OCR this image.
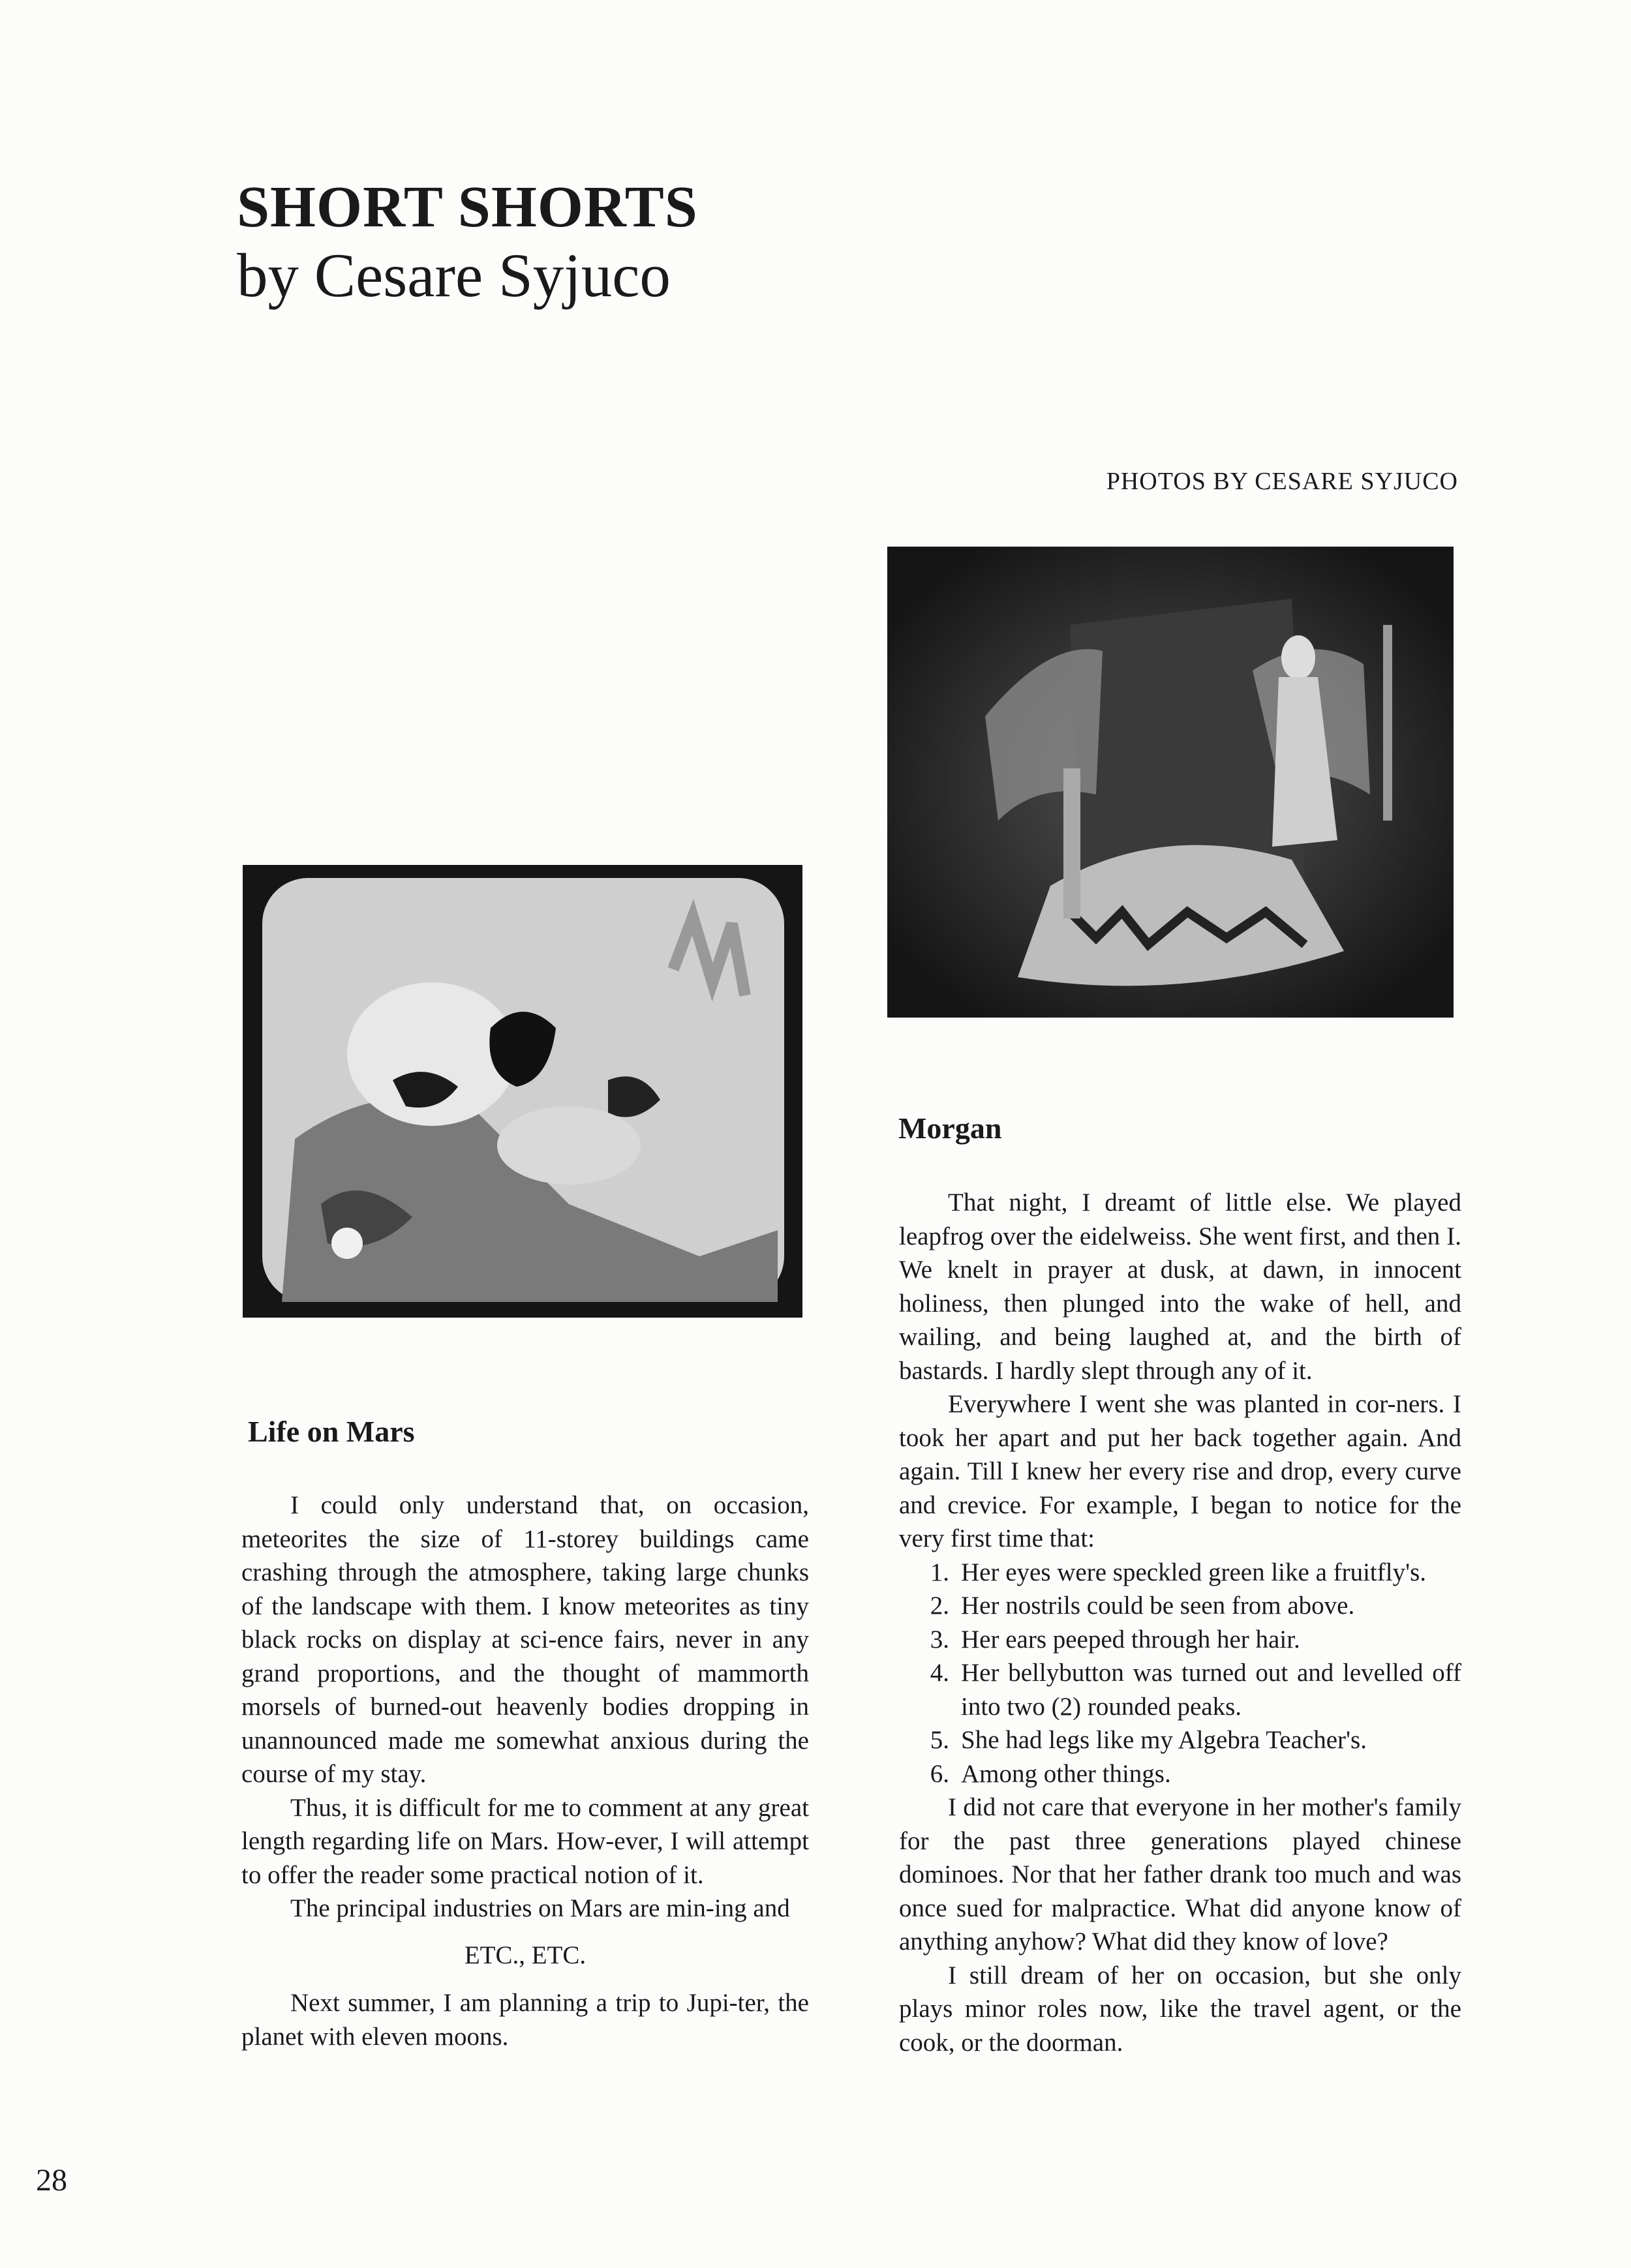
SHORT SHORTS
by Cesare Syjuco
PHOTOS BY CESARE SYJUCO
Life on Mars

I could only understand that, on occasion, meteorites the size of 11-storey buildings came crashing through the atmosphere, taking large chunks of the landscape with them. I know meteorites as tiny black rocks on display at sci-ence fairs, never in any grand proportions, and the thought of mammorth morsels of burned-out heavenly bodies dropping in unannounced made me somewhat anxious during the course of my stay.

Thus, it is difficult for me to comment at any great length regarding life on Mars. How-ever, I will attempt to offer the reader some practical notion of it.

The principal industries on Mars are min-ing and

ETC., ETC.

Next summer, I am planning a trip to Jupi-ter, the planet with eleven moons.

Morgan

That night, I dreamt of little else. We played leapfrog over the eidelweiss. She went first, and then I. We knelt in prayer at dusk, at dawn, in innocent holiness, then plunged into the wake of hell, and wailing, and being laughed at, and the birth of bastards. I hardly slept through any of it.

Everywhere I went she was planted in cor-ners. I took her apart and put her back together again. And again. Till I knew her every rise and drop, every curve and crevice. For example, I began to notice for the very first time that:

1. Her eyes were speckled green like a fruitfly's.
2. Her nostrils could be seen from above.
3. Her ears peeped through her hair.
4. Her bellybutton was turned out and levelled off into two (2) rounded peaks.
5. She had legs like my Algebra Teacher's.
6. Among other things.

I did not care that everyone in her mother's family for the past three generations played chinese dominoes. Nor that her father drank too much and was once sued for malpractice. What did anyone know of anything anyhow? What did they know of love?

I still dream of her on occasion, but she only plays minor roles now, like the travel agent, or the cook, or the doorman.

28
